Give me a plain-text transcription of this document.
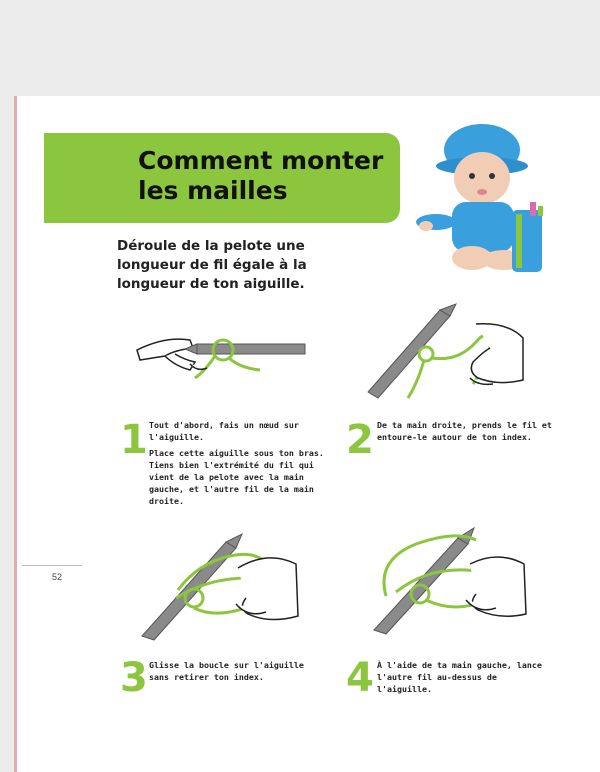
Comment monter
les mailles

Déroule de la pelote une longueur de fil égale à la longueur de ton aiguille.

1 Tout d'abord, fais un nœud sur l'aiguille.

Place cette aiguille sous ton bras. Tiens bien l'extrémité du fil qui vient de la pelote avec la main gauche, et l'autre fil de la main droite.

2 De ta main droite, prends le fil et entoure-le autour de ton index.

3 Glisse la boucle sur l'aiguille sans retirer ton index.	4 À l'aide de ta main gauche, lance l'autre fil au-dessus de l'aiguille.

52
